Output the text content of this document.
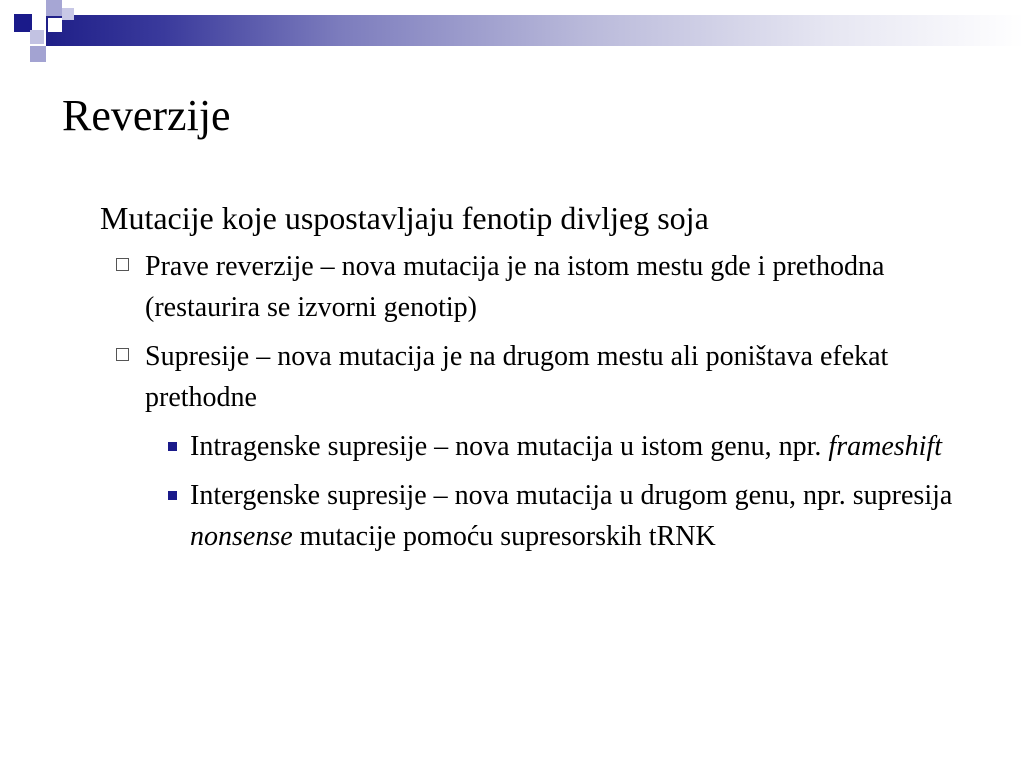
Reverzije

Mutacije koje uspostavljaju fenotip divljeg soja

Prave reverzije – nova mutacija je na istom mestu gde i prethodna (restaurira se izvorni genotip)
Supresije – nova mutacija je na drugom mestu ali poništava efekat prethodne
Intragenske supresije – nova mutacija u istom genu, npr. frameshift
Intergenske supresije – nova mutacija u drugom genu, npr. supresija nonsense mutacije pomoću supresorskih tRNK
